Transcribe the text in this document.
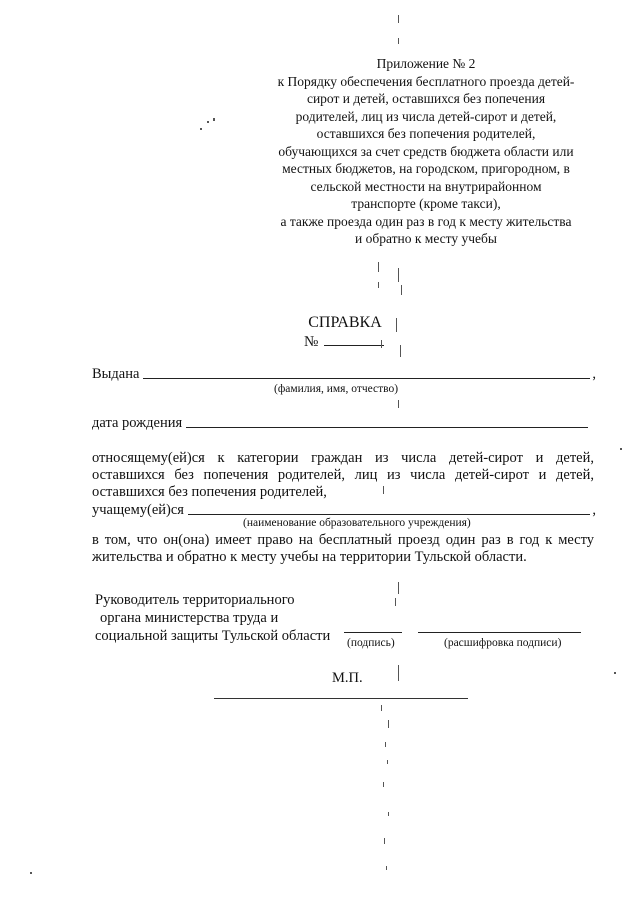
Приложение № 2
к Порядку обеспечения бесплатного проезда детей-
сирот и детей, оставшихся без попечения
родителей, лиц из числа детей-сирот и детей,
оставшихся без попечения родителей,
обучающихся за счет средств бюджета области или
местных бюджетов, на городском, пригородном, в
сельской местности на внутрирайонном
транспорте (кроме такси),
а также проезда один раз в год к месту жительства
и обратно к месту учебы
СПРАВКА
№
Выдана	,
(фамилия, имя, отчество)
дата рождения
относящему(ей)ся к категории граждан из числа детей-сирот и детей,
оставшихся без попечения родителей, лиц из числа детей-сирот и детей,
оставшихся без попечения родителей,
учащему(ей)ся	,
(наименование образовательного учреждения)
в том, что он(она) имеет право на бесплатный проезд один раз в год к месту
жительства и обратно к месту учебы на территории Тульской области.
Руководитель территориального
органа министерства труда и
социальной защиты Тульской области (подпись)	(расшифровка подписи)
М.П.
